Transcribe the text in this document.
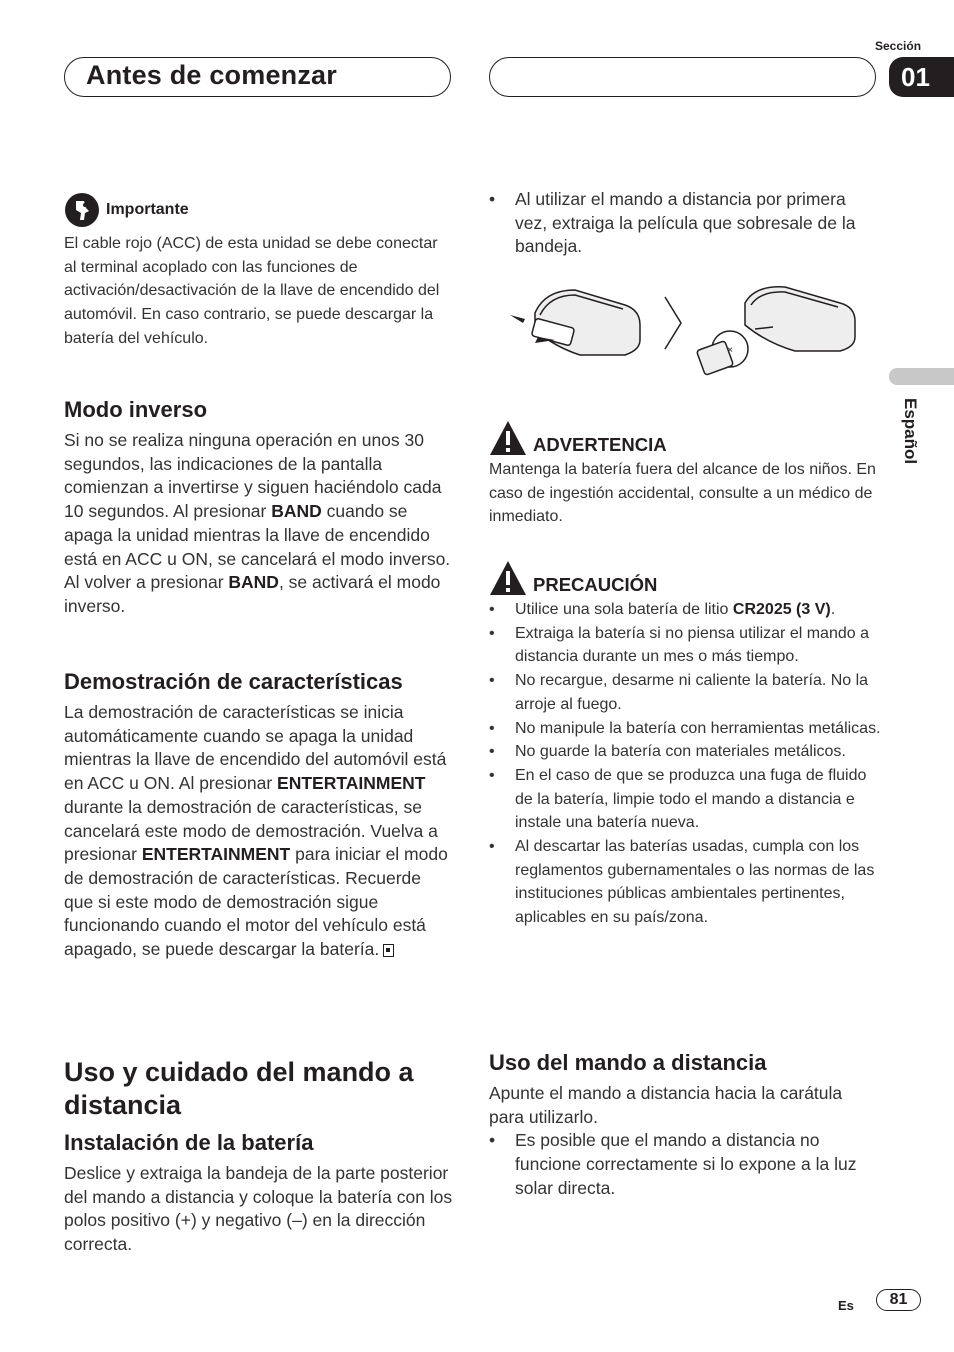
Antes de comenzar
Sección
01
Español
Importante

El cable rojo (ACC) de esta unidad se debe conectar al terminal acoplado con las funciones de activación/desactivación de la llave de encendido del automóvil. En caso contrario, se puede descargar la batería del vehículo.

Modo inverso

Si no se realiza ninguna operación en unos 30 segundos, las indicaciones de la pantalla comienzan a invertirse y siguen haciéndolo cada 10 segundos. Al presionar BAND cuando se apaga la unidad mientras la llave de encendido está en ACC u ON, se cancelará el modo inverso. Al volver a presionar BAND, se activará el modo inverso.

Demostración de características

La demostración de características se inicia automáticamente cuando se apaga la unidad mientras la llave de encendido del automóvil está en ACC u ON. Al presionar ENTERTAINMENT durante la demostración de características, se cancelará este modo de demostración. Vuelva a presionar ENTERTAINMENT para iniciar el modo de demostración de características. Recuerde que si este modo de demostración sigue funcionando cuando el motor del vehículo está apagado, se puede descargar la batería.

Uso y cuidado del mando a distancia
Instalación de la batería

Deslice y extraiga la bandeja de la parte posterior del mando a distancia y coloque la batería con los polos positivo (+) y negativo (–) en la dirección correcta.

• Al utilizar el mando a distancia por primera vez, extraiga la película que sobresale de la bandeja.
×
ADVERTENCIA

Mantenga la batería fuera del alcance de los niños. En caso de ingestión accidental, consulte a un médico de inmediato.

PRECAUCIÓN
• Utilice una sola batería de litio CR2025 (3 V).
• Extraiga la batería si no piensa utilizar el mando a distancia durante un mes o más tiempo.
• No recargue, desarme ni caliente la batería. No la arroje al fuego.
• No manipule la batería con herramientas metálicas.
• No guarde la batería con materiales metálicos.
• En el caso de que se produzca una fuga de fluido de la batería, limpie todo el mando a distancia e instale una batería nueva.
• Al descartar las baterías usadas, cumpla con los reglamentos gubernamentales o las normas de las instituciones públicas ambientales pertinentes, aplicables en su país/zona.
Uso del mando a distancia

Apunte el mando a distancia hacia la carátula para utilizarlo.

• Es posible que el mando a distancia no funcione correctamente si lo expone a la luz solar directa.
Es	81
